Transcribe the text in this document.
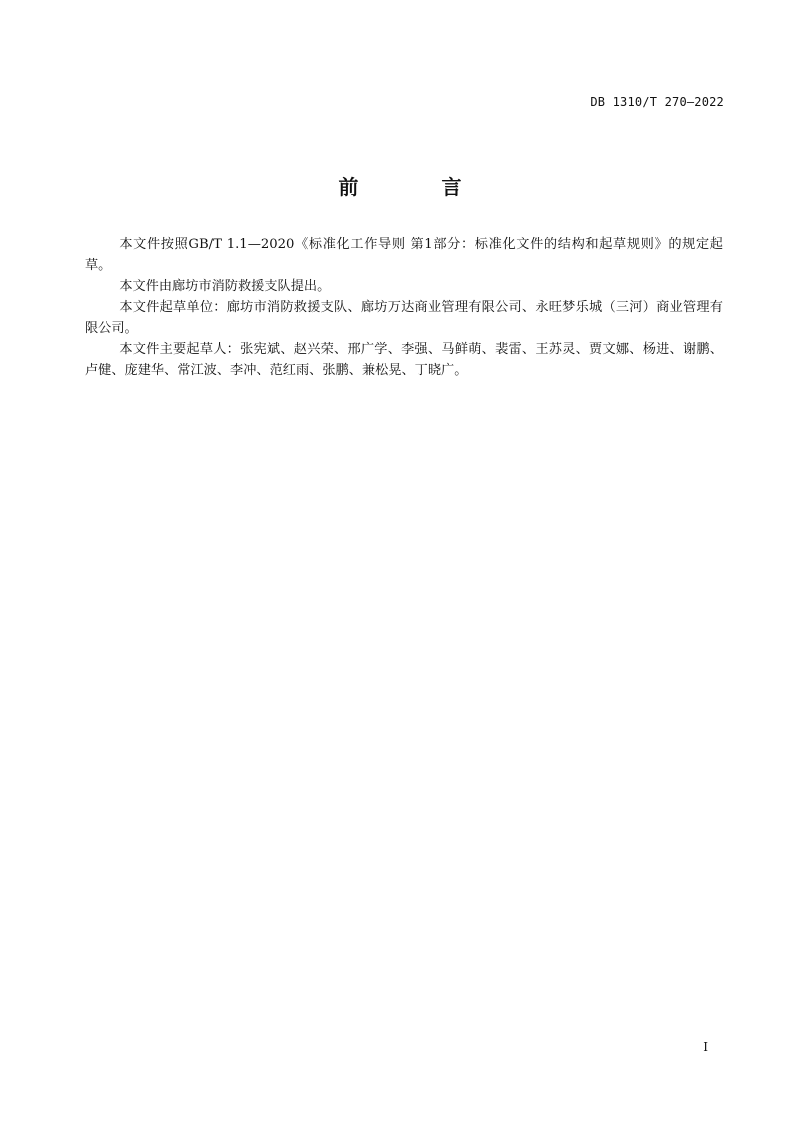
DB 1310/T 270—2022
前 言

本文件按照GB/T 1.1—2020《标准化工作导则 第1部分：标准化文件的结构和起草规则》的规定起草。

本文件由廊坊市消防救援支队提出。

本文件起草单位：廊坊市消防救援支队、廊坊万达商业管理有限公司、永旺梦乐城（三河）商业管理有限公司。

本文件主要起草人：张宪斌、赵兴荣、邢广学、李强、马鲜萌、裴雷、王苏灵、贾文娜、杨进、谢鹏、卢健、庞建华、常江波、李冲、范红雨、张鹏、兼松晃、丁晓广。

I
